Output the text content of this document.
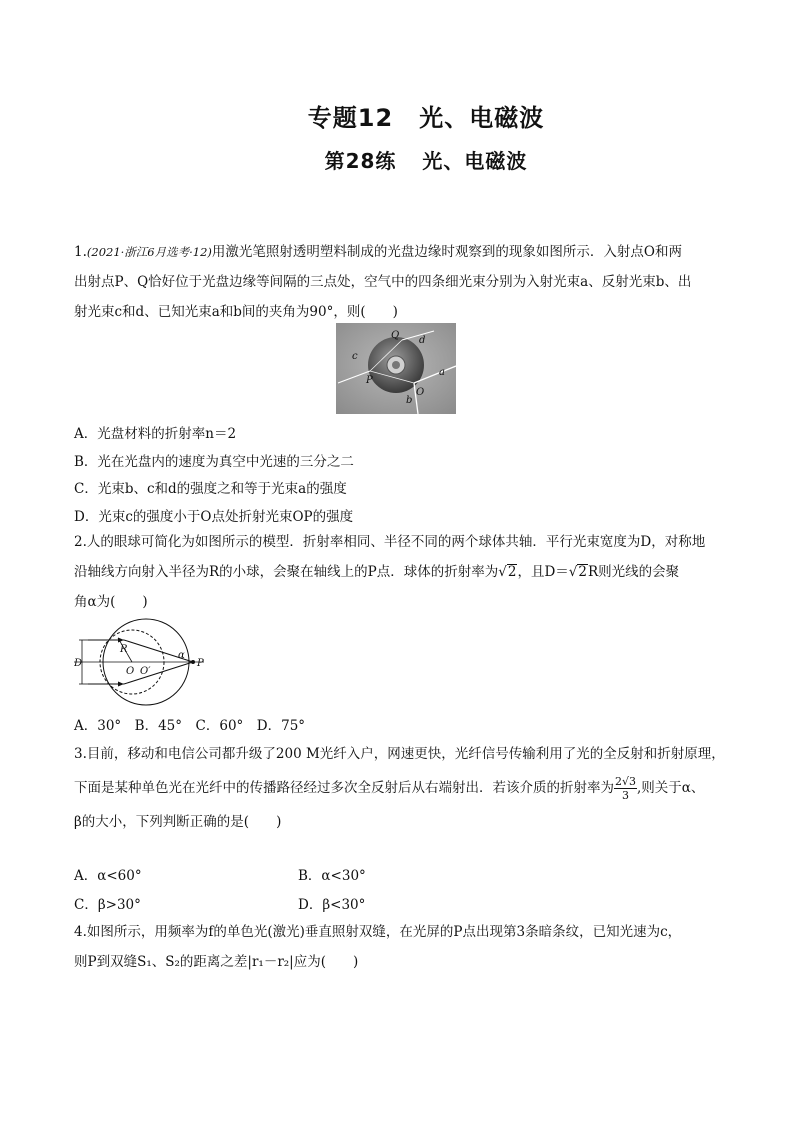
专题12 光、电磁波
第28练 光、电磁波
1.(2021·浙江6月选考·12)用激光笔照射透明塑料制成的光盘边缘时观察到的现象如图所示．入射点O和两
出射点P、Q恰好位于光盘边缘等间隔的三点处，空气中的四条细光束分别为入射光束a、反射光束b、出
射光束c和d、已知光束a和b间的夹角为90°，则(　　)
Q d
c
P
O
a
b
A．光盘材料的折射率n＝2
B．光在光盘内的速度为真空中光速的三分之二
C．光束b、c和d的强度之和等于光束a的强度
D．光束c的强度小于O点处折射光束OP的强度
2.人的眼球可简化为如图所示的模型．折射率相同、半径不同的两个球体共轴．平行光束宽度为D，对称地
沿轴线方向射入半径为R的小球，会聚在轴线上的P点．球体的折射率为√2，且D＝√2R则光线的会聚
角α为(　　)
D
R
O O′
α
P
A．30°　B．45°　C．60°　D．75°
3.目前，移动和电信公司都升级了200 M光纤入户，网速更快，光纤信号传输利用了光的全反射和折射原理，
下面是某种单色光在光纤中的传播路径经过多次全反射后从右端射出．若该介质的折射率为 $\frac{2√3}{3}$ ,则关于α、
β的大小，下列判断正确的是(　　)
A．α<60°	B．α<30°
C．β>30°	D．β<30°
4.如图所示，用频率为f的单色光(激光)垂直照射双缝，在光屏的P点出现第3条暗条纹，已知光速为c，
则P到双缝S₁、S₂的距离之差|r₁－r₂|应为(　　)
